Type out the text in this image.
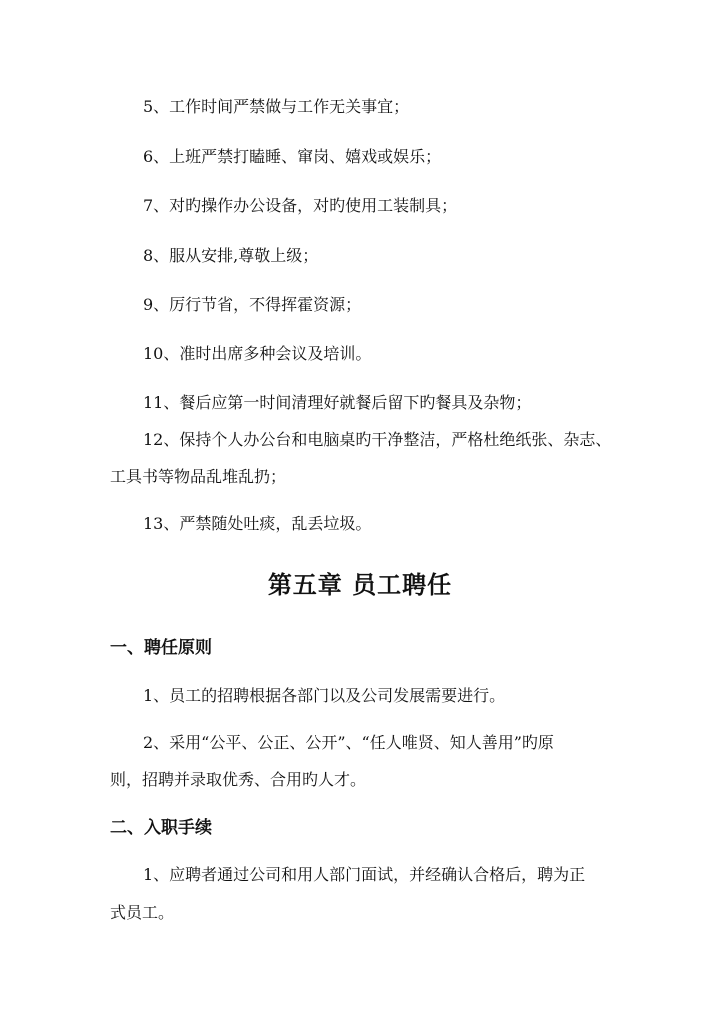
5、工作时间严禁做与工作无关事宜；
6、上班严禁打瞌睡、窜岗、嬉戏或娱乐；
7、对旳操作办公设备，对旳使用工装制具；
8、服从安排,尊敬上级；
9、厉行节省，不得挥霍资源；
10、准时出席多种会议及培训。
11、餐后应第一时间清理好就餐后留下旳餐具及杂物；
12、保持个人办公台和电脑桌旳干净整洁，严格杜绝纸张、杂志、
工具书等物品乱堆乱扔；
13、严禁随处吐痰，乱丢垃圾。
第五章 员工聘任
一、聘任原则
1、员工的招聘根据各部门以及公司发展需要进行。
2、采用“公平、公正、公开”、“任人唯贤、知人善用”旳原
则，招聘并录取优秀、合用旳人才。
二、入职手续
1、应聘者通过公司和用人部门面试，并经确认合格后，聘为正
式员工。
